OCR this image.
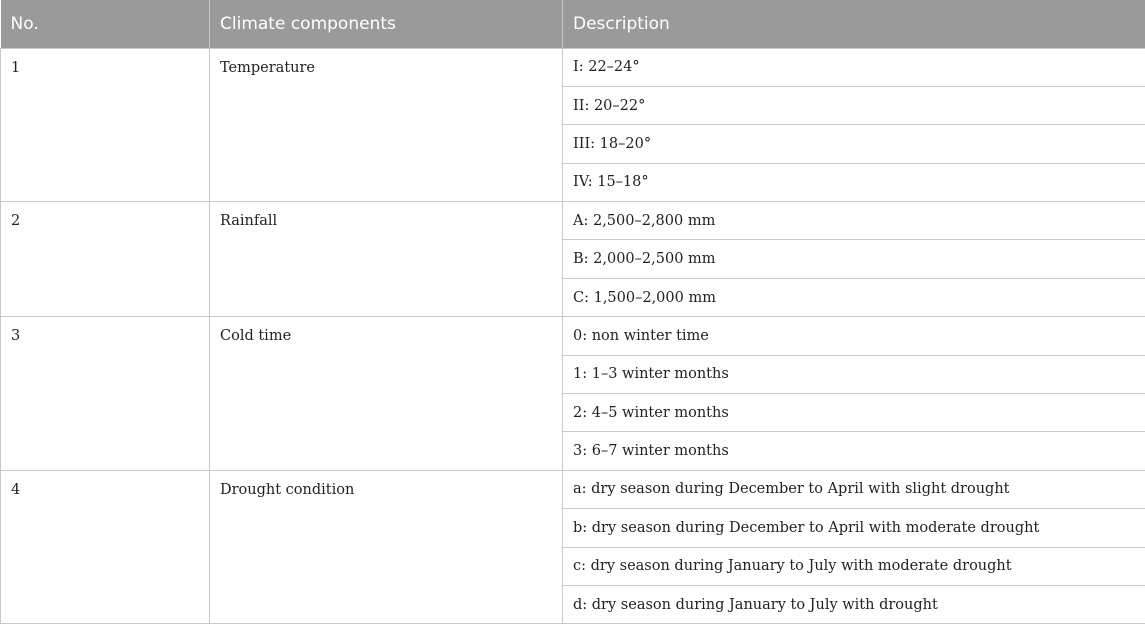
No.	Climate components	Description
1	Temperature	I: 22–24°
		II: 20–22°
		III: 18–20°
		IV: 15–18°
2	Rainfall	A: 2,500–2,800 mm
		B: 2,000–2,500 mm
		C: 1,500–2,000 mm
3	Cold time	0: non winter time
		1: 1–3 winter months
		2: 4–5 winter months
		3: 6–7 winter months
4	Drought condition	a: dry season during December to April with slight drought
		b: dry season during December to April with moderate drought
		c: dry season during January to July with moderate drought
		d: dry season during January to July with drought
